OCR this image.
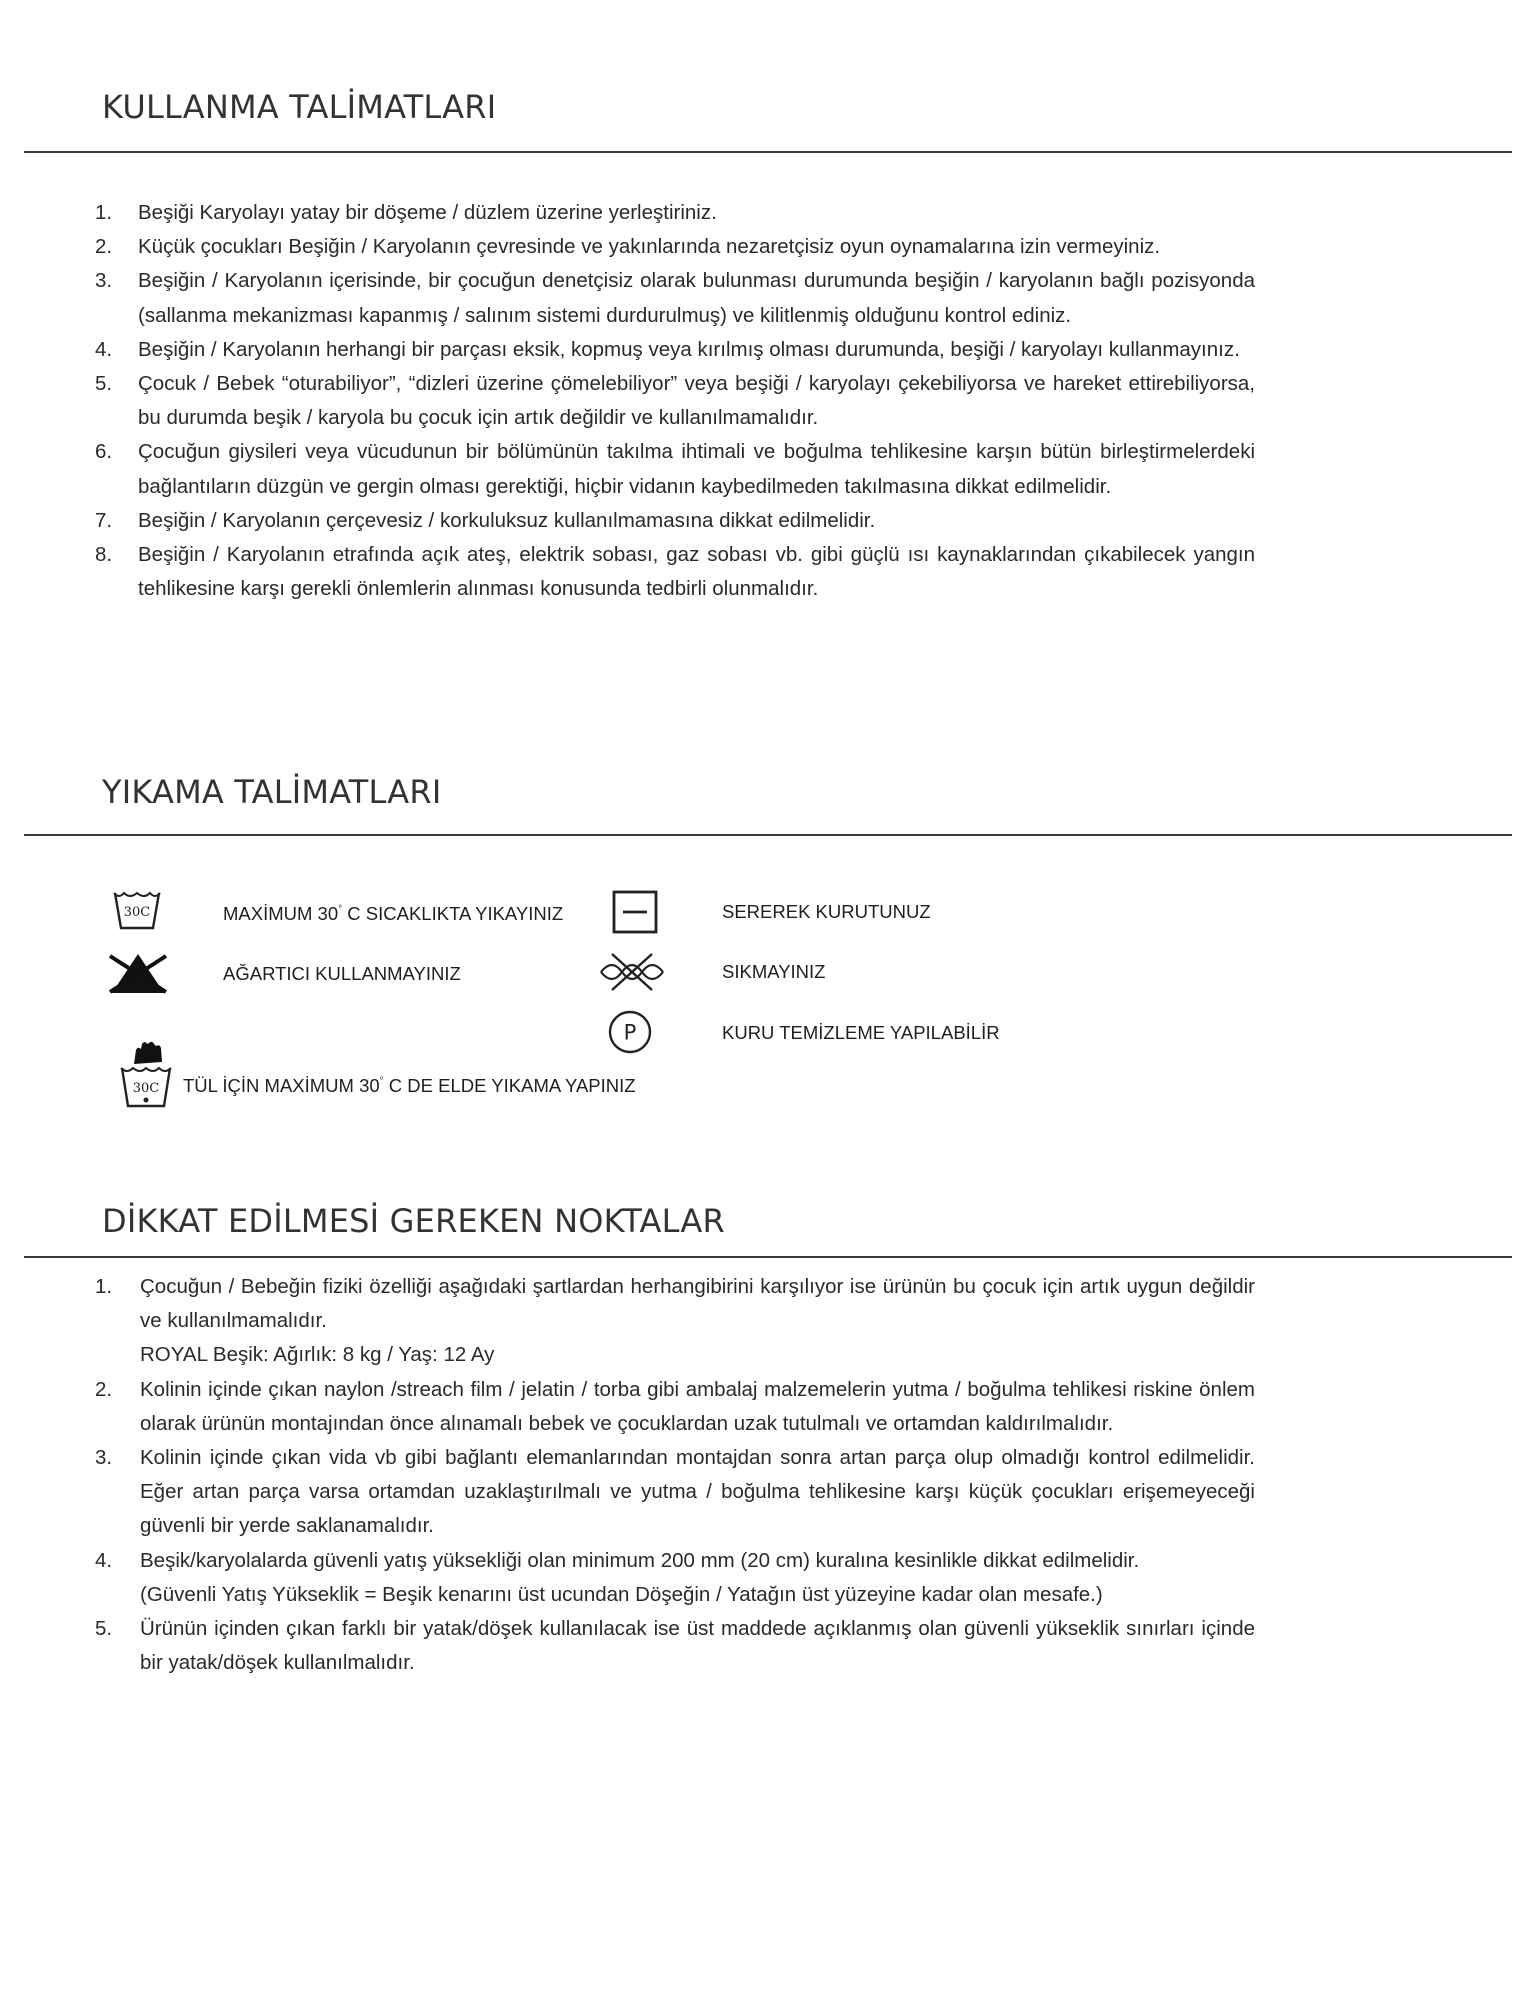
KULLANMA TALİMATLARI
1.	Beşiği Karyolayı yatay bir döşeme / düzlem üzerine yerleştiriniz.
2.	Küçük çocukları Beşiğin / Karyolanın çevresinde ve yakınlarında nezaretçisiz oyun oynamalarına izin vermeyiniz.
3.	Beşiğin / Karyolanın içerisinde, bir çocuğun denetçisiz olarak bulunması durumunda beşiğin / karyolanın bağlı pozisyonda (sallanma mekanizması kapanmış / salınım sistemi durdurulmuş) ve kilitlenmiş olduğunu kontrol ediniz.
4.	Beşiğin / Karyolanın herhangi bir parçası eksik, kopmuş veya kırılmış olması durumunda, beşiği / karyolayı kullanmayınız.
5.	Çocuk / Bebek “oturabiliyor”, “dizleri üzerine çömelebiliyor” veya beşiği / karyolayı çekebiliyorsa ve hareket ettirebiliyorsa, bu durumda beşik / karyola bu çocuk için artık değildir ve kullanılmamalıdır.
6.	Çocuğun giysileri veya vücudunun bir bölümünün takılma ihtimali ve boğulma tehlikesine karşın bütün birleştirmelerdeki bağlantıların düzgün ve gergin olması gerektiği, hiçbir vidanın kaybedilmeden takılmasına dikkat edilmelidir.
7.	Beşiğin / Karyolanın çerçevesiz / korkuluksuz kullanılmamasına dikkat edilmelidir.
8.	Beşiğin / Karyolanın etrafında açık ateş, elektrik sobası, gaz sobası vb. gibi güçlü ısı kaynaklarından çıkabilecek yangın tehlikesine karşı gerekli önlemlerin alınması konusunda tedbirli olunmalıdır.
YIKAMA TALİMATLARI
30C	MAXİMUM 30° C SICAKLIKTA YIKAYINIZ
AĞARTICI KULLANMAYINIZ
30C TÜL İÇİN MAXİMUM 30° C DE ELDE YIKAMA YAPINIZ
SEREREK KURUTUNUZ
SIKMAYINIZ
P	KURU TEMİZLEME YAPILABİLİR
DİKKAT EDİLMESİ GEREKEN NOKTALAR
1.	Çocuğun / Bebeğin fiziki özelliği aşağıdaki şartlardan herhangibirini karşılıyor ise ürünün bu çocuk için artık uygun değildir ve kullanılmamalıdır.
ROYAL Beşik: Ağırlık: 8 kg / Yaş: 12 Ay
2.	Kolinin içinde çıkan naylon /streach film / jelatin / torba gibi ambalaj malzemelerin yutma / boğulma tehlikesi riskine önlem olarak ürünün montajından önce alınamalı bebek ve çocuklardan uzak tutulmalı ve ortamdan kaldırılmalıdır.
3.	Kolinin içinde çıkan vida vb gibi bağlantı elemanlarından montajdan sonra artan parça olup olmadığı kontrol edilmelidir. Eğer artan parça varsa ortamdan uzaklaştırılmalı ve yutma / boğulma tehlikesine karşı küçük çocukları erişemeyeceği güvenli bir yerde saklanamalıdır.
4.	Beşik/karyolalarda güvenli yatış yüksekliği olan minimum 200 mm (20 cm) kuralına kesinlikle dikkat edilmelidir.
(Güvenli Yatış Yükseklik = Beşik kenarını üst ucundan Döşeğin / Yatağın üst yüzeyine kadar olan mesafe.)
5.	Ürünün içinden çıkan farklı bir yatak/döşek kullanılacak ise üst maddede açıklanmış olan güvenli yükseklik sınırları içinde bir yatak/döşek kullanılmalıdır.
